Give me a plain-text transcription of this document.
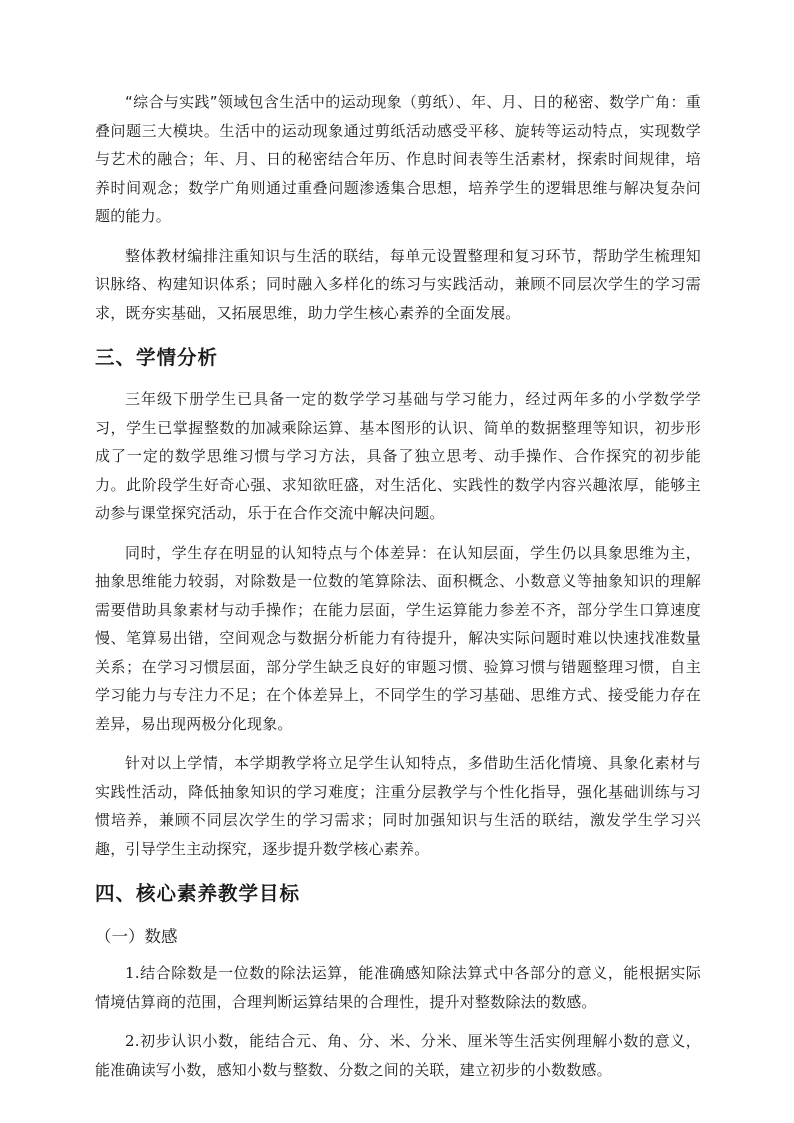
“综合与实践”领域包含生活中的运动现象（剪纸）、年、月、日的秘密、数学广角：重叠问题三大模块。生活中的运动现象通过剪纸活动感受平移、旋转等运动特点，实现数学与艺术的融合；年、月、日的秘密结合年历、作息时间表等生活素材，探索时间规律，培养时间观念；数学广角则通过重叠问题渗透集合思想，培养学生的逻辑思维与解决复杂问题的能力。

整体教材编排注重知识与生活的联结，每单元设置整理和复习环节，帮助学生梳理知识脉络、构建知识体系；同时融入多样化的练习与实践活动，兼顾不同层次学生的学习需求，既夯实基础，又拓展思维，助力学生核心素养的全面发展。

三、学情分析

三年级下册学生已具备一定的数学学习基础与学习能力，经过两年多的小学数学学习，学生已掌握整数的加减乘除运算、基本图形的认识、简单的数据整理等知识，初步形成了一定的数学思维习惯与学习方法，具备了独立思考、动手操作、合作探究的初步能力。此阶段学生好奇心强、求知欲旺盛，对生活化、实践性的数学内容兴趣浓厚，能够主动参与课堂探究活动，乐于在合作交流中解决问题。

同时，学生存在明显的认知特点与个体差异：在认知层面，学生仍以具象思维为主，抽象思维能力较弱，对除数是一位数的笔算除法、面积概念、小数意义等抽象知识的理解需要借助具象素材与动手操作；在能力层面，学生运算能力参差不齐，部分学生口算速度慢、笔算易出错，空间观念与数据分析能力有待提升，解决实际问题时难以快速找准数量关系；在学习习惯层面，部分学生缺乏良好的审题习惯、验算习惯与错题整理习惯，自主学习能力与专注力不足；在个体差异上，不同学生的学习基础、思维方式、接受能力存在差异，易出现两极分化现象。

针对以上学情，本学期教学将立足学生认知特点，多借助生活化情境、具象化素材与实践性活动，降低抽象知识的学习难度；注重分层教学与个性化指导，强化基础训练与习惯培养，兼顾不同层次学生的学习需求；同时加强知识与生活的联结，激发学生学习兴趣，引导学生主动探究，逐步提升数学核心素养。

四、核心素养教学目标
（一）数感

1.结合除数是一位数的除法运算，能准确感知除法算式中各部分的意义，能根据实际情境估算商的范围，合理判断运算结果的合理性，提升对整数除法的数感。

2.初步认识小数，能结合元、角、分、米、分米、厘米等生活实例理解小数的意义，能准确读写小数，感知小数与整数、分数之间的关联，建立初步的小数数感。
